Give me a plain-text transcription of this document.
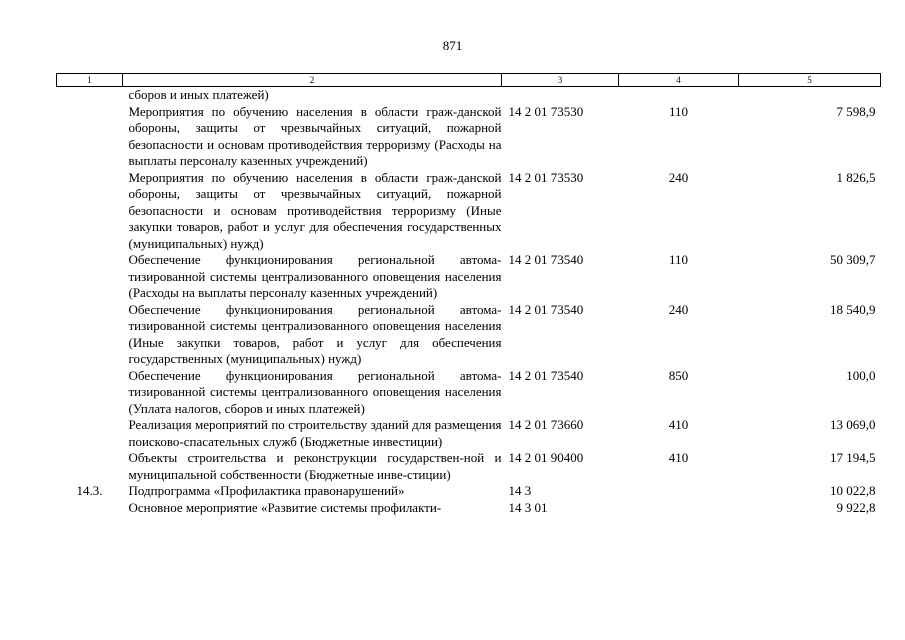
871
1	2	3	4	5
	сборов и иных платежей)			
	Мероприятия по обучению населения в области граж-данской обороны, защиты от чрезвычайных ситуаций, пожарной безопасности и основам противодействия терроризму (Расходы на выплаты персоналу казенных учреждений)	14 2 01 73530	110	7 598,9
	Мероприятия по обучению населения в области граж-данской обороны, защиты от чрезвычайных ситуаций, пожарной безопасности и основам противодействия терроризму (Иные закупки товаров, работ и услуг для обеспечения государственных (муниципальных) нужд)	14 2 01 73530	240	1 826,5
	Обеспечение функционирования региональной автома-тизированной системы централизованного оповещения населения (Расходы на выплаты персоналу казенных учреждений)	14 2 01 73540	110	50 309,7
	Обеспечение функционирования региональной автома-тизированной системы централизованного оповещения населения (Иные закупки товаров, работ и услуг для обеспечения государственных (муниципальных) нужд)	14 2 01 73540	240	18 540,9
	Обеспечение функционирования региональной автома-тизированной системы централизованного оповещения населения (Уплата налогов, сборов и иных платежей)	14 2 01 73540	850	100,0
	Реализация мероприятий по строительству зданий для размещения поисково-спасательных служб (Бюджетные инвестиции)	14 2 01 73660	410	13 069,0
	Объекты строительства и реконструкции государствен-ной и муниципальной собственности (Бюджетные инве-стиции)	14 2 01 90400	410	17 194,5
14.3.	Подпрограмма «Профилактика правонарушений»	14 3		10 022,8
	Основное мероприятие «Развитие системы профилакти-	14 3 01		9 922,8
